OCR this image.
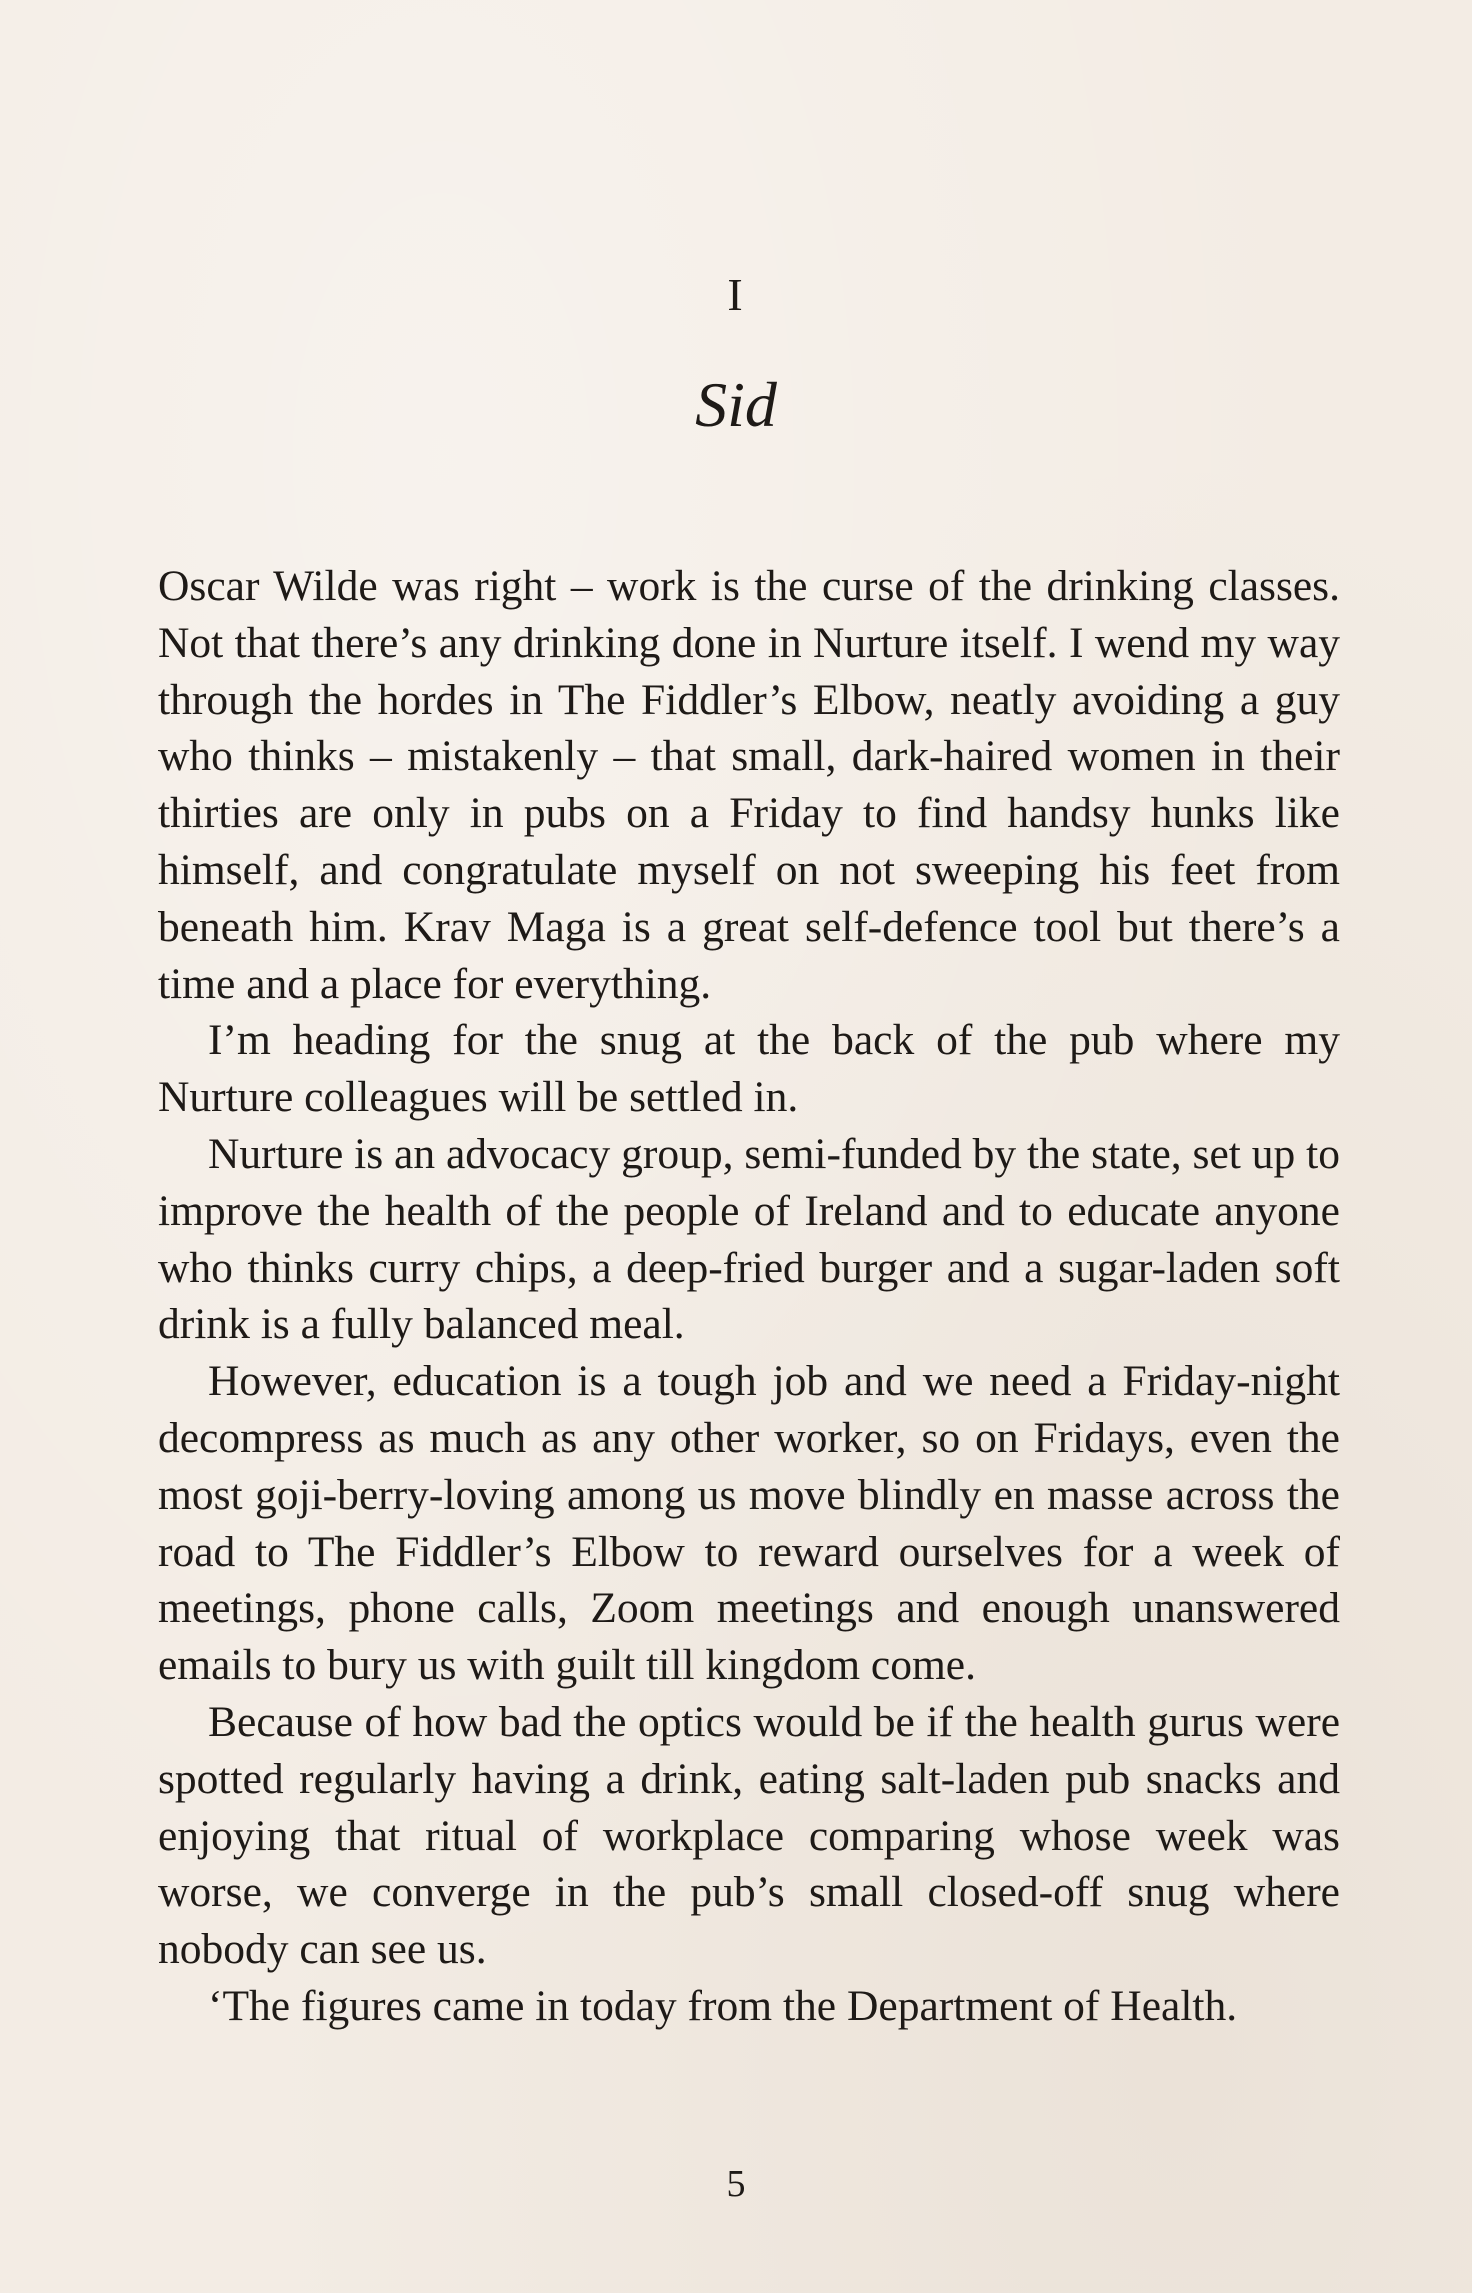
I
Sid

Oscar Wilde was right – work is the curse of the drinking classes. Not that there’s any drinking done in Nurture itself. I wend my way through the hordes in The Fiddler’s Elbow, neatly avoiding a guy who thinks – mistakenly – that small, dark-haired women in their thirties are only in pubs on a Friday to find handsy hunks like himself, and congratulate myself on not sweeping his feet from beneath him. Krav Maga is a great self-defence tool but there’s a time and a place for everything.

I’m heading for the snug at the back of the pub where my Nurture colleagues will be settled in.

Nurture is an advocacy group, semi-funded by the state, set up to improve the health of the people of Ireland and to educate anyone who thinks curry chips, a deep-fried burger and a sugar-laden soft drink is a fully balanced meal.

However, education is a tough job and we need a Friday-night decompress as much as any other worker, so on Fridays, even the most goji-berry-loving among us move blindly en masse across the road to The Fiddler’s Elbow to reward ourselves for a week of meetings, phone calls, Zoom meetings and enough unanswered emails to bury us with guilt till kingdom come.

Because of how bad the optics would be if the health gurus were spotted regularly having a drink, eating salt-laden pub snacks and enjoying that ritual of workplace comparing whose week was worse, we converge in the pub’s small closed-off snug where nobody can see us.

‘The figures came in today from the Department of Health.

5
